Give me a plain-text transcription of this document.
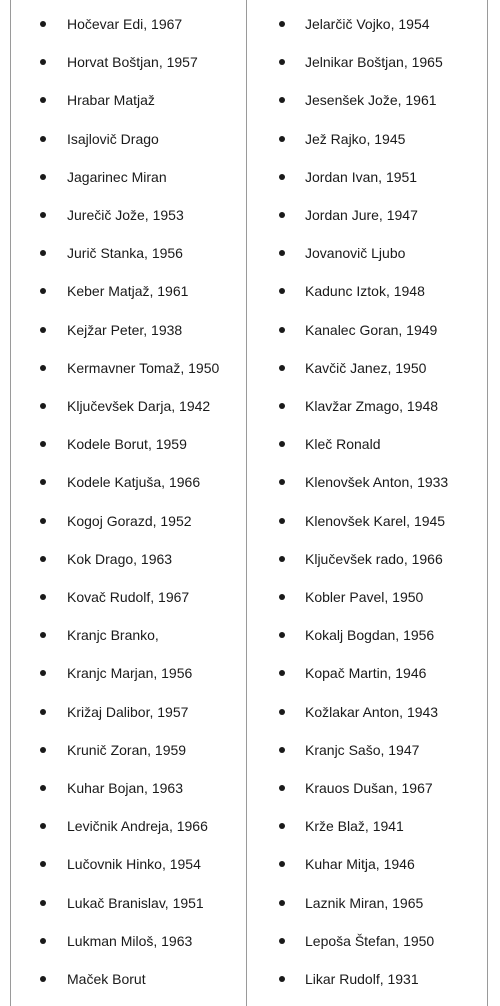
Hočevar Edi, 1967
Horvat Boštjan, 1957
Hrabar Matjaž
Isajlovič Drago
Jagarinec Miran
Jurečič Jože, 1953
Jurič Stanka, 1956
Keber Matjaž, 1961
Kejžar Peter, 1938
Kermavner Tomaž, 1950
Ključevšek Darja, 1942
Kodele Borut, 1959
Kodele Katjuša, 1966
Kogoj Gorazd, 1952
Kok Drago, 1963
Kovač Rudolf, 1967
Kranjc Branko,
Kranjc Marjan, 1956
Križaj Dalibor, 1957
Krunič Zoran, 1959
Kuhar Bojan, 1963
Levičnik Andreja, 1966
Lučovnik Hinko, 1954
Lukač Branislav, 1951
Lukman Miloš, 1963
Maček Borut
Jelarčič Vojko, 1954
Jelnikar Boštjan, 1965
Jesenšek Jože, 1961
Jež Rajko, 1945
Jordan Ivan, 1951
Jordan Jure, 1947
Jovanovič Ljubo
Kadunc Iztok, 1948
Kanalec Goran, 1949
Kavčič Janez, 1950
Klavžar Zmago, 1948
Kleč Ronald
Klenovšek Anton, 1933
Klenovšek Karel, 1945
Ključevšek rado, 1966
Kobler Pavel, 1950
Kokalj Bogdan, 1956
Kopač Martin, 1946
Kožlakar Anton, 1943
Kranjc Sašo, 1947
Krauos Dušan, 1967
Krže Blaž, 1941
Kuhar Mitja, 1946
Laznik Miran, 1965
Lepoša Štefan, 1950
Likar Rudolf, 1931
